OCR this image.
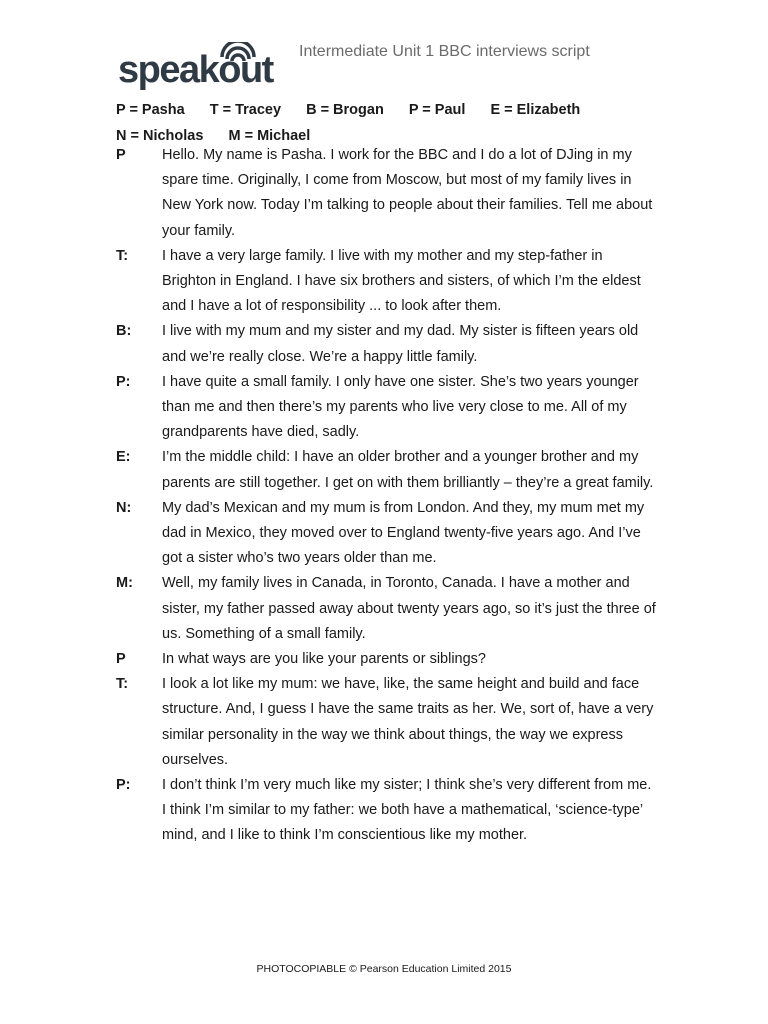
speakout Intermediate Unit 1 BBC interviews script
P = Pasha T = Tracey B = Brogan P = Paul E = Elizabeth
N = Nicholas M = Michael
P	Hello. My name is Pasha. I work for the BBC and I do a lot of DJing in my spare time. Originally, I come from Moscow, but most of my family lives in New York now. Today I’m talking to people about their families. Tell me about your family.
T:	I have a very large family. I live with my mother and my step-father in Brighton in England. I have six brothers and sisters, of which I’m the eldest and I have a lot of responsibility ... to look after them.
B:	I live with my mum and my sister and my dad. My sister is fifteen years old and we’re really close. We’re a happy little family.
P:	I have quite a small family. I only have one sister. She’s two years younger than me and then there’s my parents who live very close to me. All of my grandparents have died, sadly.
E:	I’m the middle child: I have an older brother and a younger brother and my parents are still together. I get on with them brilliantly – they’re a great family.
N:	My dad’s Mexican and my mum is from London. And they, my mum met my dad in Mexico, they moved over to England twenty-five years ago. And I’ve got a sister who’s two years older than me.
M:	Well, my family lives in Canada, in Toronto, Canada. I have a mother and sister, my father passed away about twenty years ago, so it’s just the three of us. Something of a small family.
P	In what ways are you like your parents or siblings?
T:	I look a lot like my mum: we have, like, the same height and build and face structure. And, I guess I have the same traits as her. We, sort of, have a very similar personality in the way we think about things, the way we express ourselves.
P:	I don’t think I’m very much like my sister; I think she’s very different from me. I think I’m similar to my father: we both have a mathematical, ‘science-type’ mind, and I like to think I’m conscientious like my mother.
PHOTOCOPIABLE © Pearson Education Limited 2015
